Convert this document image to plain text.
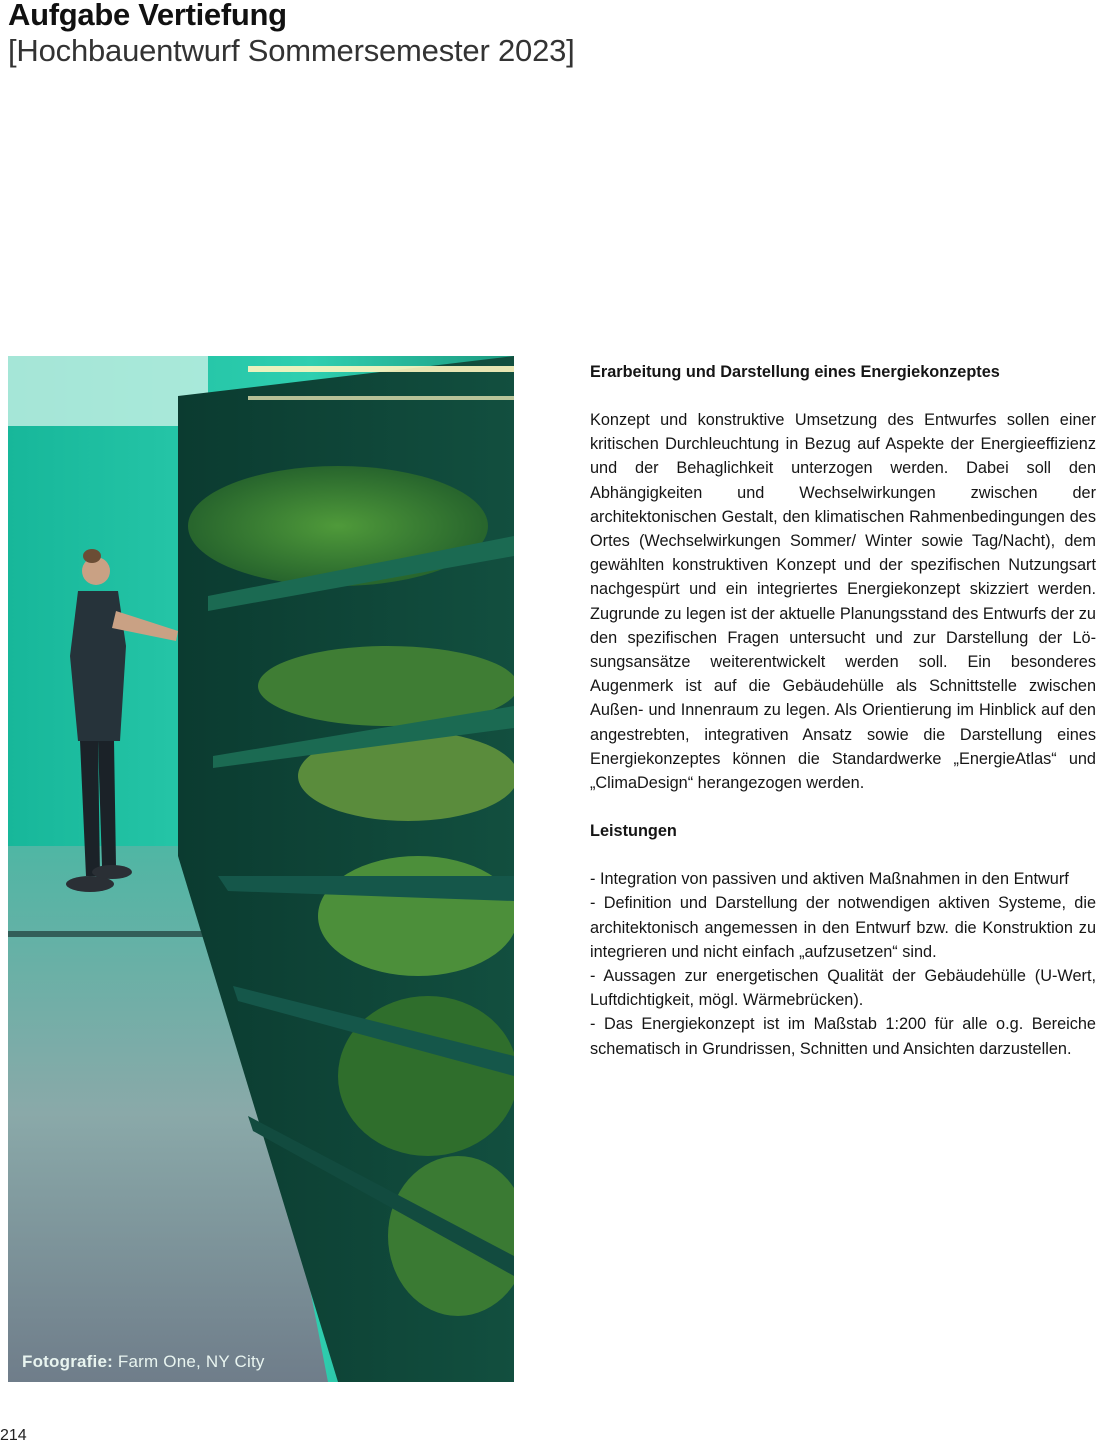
Aufgabe Vertiefung
[Hochbauentwurf Sommersemester 2023]
Fotografie: Farm One, NY City
Erarbeitung und Darstellung eines Energiekonzeptes

Konzept und konstruktive Umsetzung des Entwurfes sollen einer kritischen Durchleuchtung in Bezug auf Aspekte der Energieeffizienz und der Behaglichkeit unterzogen werden. Dabei soll den Abhängigkeiten und Wechselwirkungen zwischen der architektonischen Gestalt, den klimatischen Rahmenbedingungen des Ortes (Wechselwirkungen Sommer/ Winter sowie Tag/Nacht), dem gewählten konstruktiven Konzept und der spezifischen Nutzungsart nachgespürt und ein integriertes Energiekonzept skizziert werden. Zugrunde zu legen ist der aktuelle Planungsstand des Entwurfs der zu den spezifischen Fragen untersucht und zur Darstellung der Lösungsansätze weiterentwickelt werden soll. Ein besonderes Augenmerk ist auf die Gebäudehülle als Schnittstelle zwischen Außen- und Innenraum zu legen. Als Orientierung im Hinblick auf den angestrebten, integrativen Ansatz sowie die Darstellung eines Energiekonzeptes können die Standardwerke „EnergieAtlas“ und „ClimaDesign“ herangezogen werden.

Leistungen
- Integration von passiven und aktiven Maßnahmen in den Entwurf
- Definition und Darstellung der notwendigen aktiven Systeme, die architektonisch angemessen in den Entwurf bzw. die Konstruktion zu integrieren und nicht einfach „aufzusetzen“ sind.
- Aussagen zur energetischen Qualität der Gebäudehülle (U-Wert, Luftdichtigkeit, mögl. Wärmebrücken).
- Das Energiekonzept ist im Maßstab 1:200 für alle o.g. Bereiche schematisch in Grundrissen, Schnitten und Ansichten darzustellen.
214
